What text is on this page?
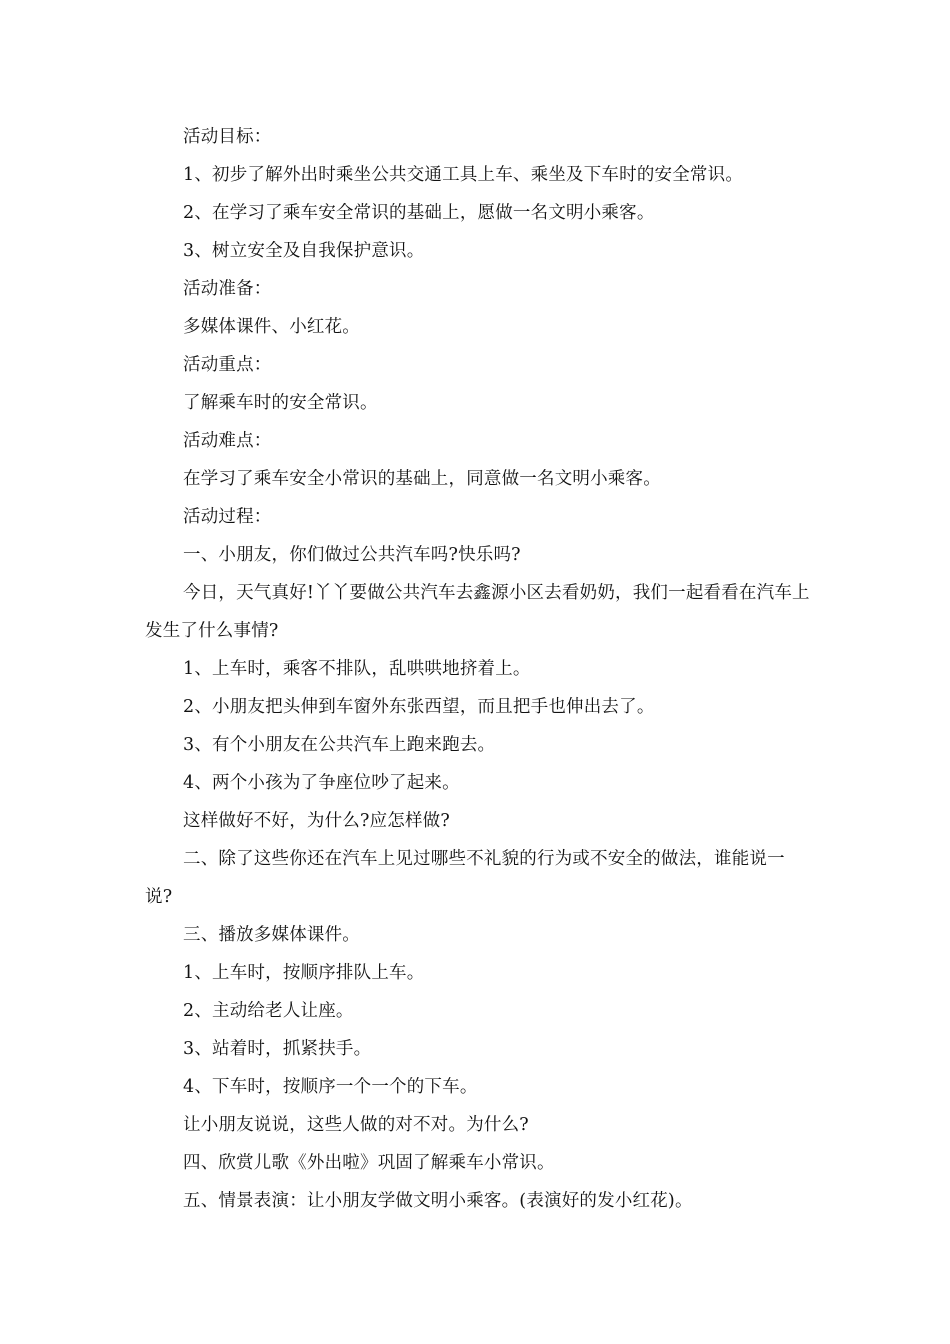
活动目标：

1、初步了解外出时乘坐公共交通工具上车、乘坐及下车时的安全常识。

2、在学习了乘车安全常识的基础上，愿做一名文明小乘客。

3、树立安全及自我保护意识。

活动准备：

多媒体课件、小红花。

活动重点：

了解乘车时的安全常识。

活动难点：

在学习了乘车安全小常识的基础上，同意做一名文明小乘客。

活动过程：

一、小朋友，你们做过公共汽车吗?快乐吗?

今日，天气真好!丫丫要做公共汽车去鑫源小区去看奶奶，我们一起看看在汽车上发生了什么事情?

1、上车时，乘客不排队，乱哄哄地挤着上。

2、小朋友把头伸到车窗外东张西望，而且把手也伸出去了。

3、有个小朋友在公共汽车上跑来跑去。

4、两个小孩为了争座位吵了起来。

这样做好不好，为什么?应怎样做?

二、除了这些你还在汽车上见过哪些不礼貌的行为或不安全的做法，谁能说一说?

三、播放多媒体课件。

1、上车时，按顺序排队上车。

2、主动给老人让座。

3、站着时，抓紧扶手。

4、下车时，按顺序一个一个的下车。

让小朋友说说，这些人做的对不对。为什么?

四、欣赏儿歌《外出啦》巩固了解乘车小常识。

五、情景表演：让小朋友学做文明小乘客。(表演好的发小红花)。
